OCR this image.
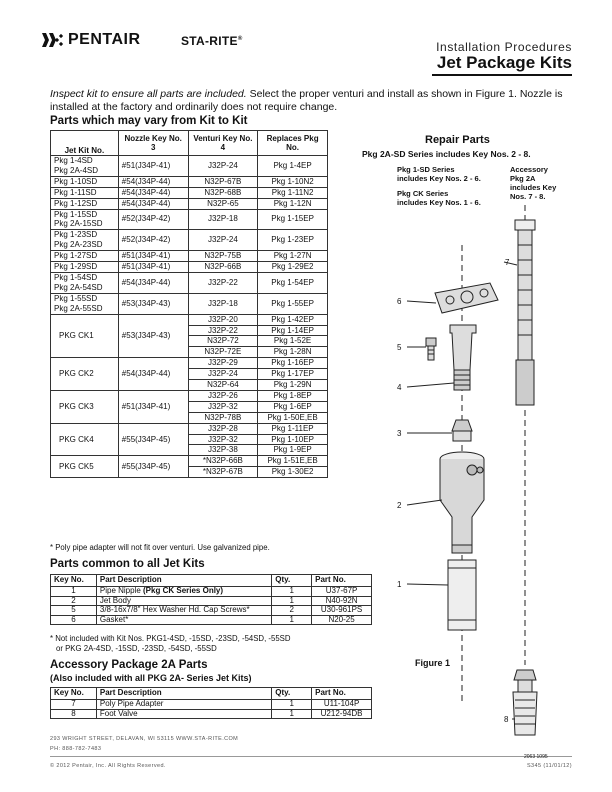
PENTAIR	STA-RITE®
Installation Procedures
Jet Package Kits
Inspect kit to ensure all parts are included. Select the proper venturi and install as shown in Figure 1. Nozzle is installed at the factory and ordinarily does not require change.
Parts which may vary from Kit to Kit
Jet Kit No.	Nozzle Key No. 3	Venturi Key No. 4	Replaces Pkg No.

Pkg 1-4SD
Pkg 2A-4SD	#51(J34P-41)	J32P-24	Pkg 1-4EP

Pkg 1-10SD	#54(J34P-44)	N32P-67B	Pkg 1-10N2

Pkg 1-11SD	#54(J34P-44)	N32P-68B	Pkg 1-11N2

Pkg 1-12SD	#54(J34P-44)	N32P-65	Pkg 1-12N

Pkg 1-15SD
Pkg 2A-15SD	#52(J34P-42)	J32P-18	Pkg 1-15EP

Pkg 1-23SD
Pkg 2A-23SD	#52(J34P-42)	J32P-24	Pkg 1-23EP

Pkg 1-27SD	#51(J34P-41)	N32P-75B	Pkg 1-27N

Pkg 1-29SD	#51(J34P-41)	N32P-66B	Pkg 1-29E2

Pkg 1-54SD
Pkg 2A-54SD	#54(J34P-44)	J32P-22	Pkg 1-54EP

Pkg 1-55SD
Pkg 2A-55SD	#53(J34P-43)	J32P-18	Pkg 1-55EP

PKG CK1	#53(J34P-43)	J32P-20	Pkg 1-42EP
		J32P-22	Pkg 1-14EP
		N32P-72	Pkg 1-52E
		N32P-72E	Pkg 1-28N

PKG CK2	#54(J34P-44)	J32P-29	Pkg 1-16EP
		J32P-24	Pkg 1-17EP
		N32P-64	Pkg 1-29N

PKG CK3	#51(J34P-41)	J32P-26	Pkg 1-8EP
		J32P-32	Pkg 1-6EP
		N32P-78B	Pkg 1-50E,EB

PKG CK4	#55(J34P-45)	J32P-28	Pkg 1-11EP
		J32P-32	Pkg 1-10EP
		J32P-38	Pkg 1-9EP

PKG CK5	#55(J34P-45)	*N32P-66B	Pkg 1-51E,EB
		*N32P-67B	Pkg 1-30E2
* Poly pipe adapter will not fit over venturi. Use galvanized pipe.
Parts common to all Jet Kits
Key No.	Part Description	Qty.	Part No.
1	Pipe Nipple (Pkg CK Series Only)	1	U37-67P
2	Jet Body	1	N40-92N
5	3/8-16x7/8" Hex Washer Hd. Cap Screws*	2	U30-961PS
6	Gasket*	1	N20-25
* Not included with Kit Nos. PKG1-4SD, -15SD, -23SD, -54SD, -55SD
or PKG 2A-4SD, -15SD, -23SD, -54SD, -55SD
Accessory Package 2A Parts
(Also included with all PKG 2A- Series Jet Kits)
Key No.	Part Description	Qty.	Part No.
7	Poly Pipe Adapter	1	U11-104P
8	Foot Valve	1	U212-94DB
293 WRIGHT STREET, DELAVAN, WI 53115 WWW.STA-RITE.COM
PH: 888-782-7483
© 2012 Pentair, Inc. All Rights Reserved.	S345 (11/01/12)
Repair Parts
Pkg 2A-SD Series includes Key Nos. 2 - 8.
Pkg 1-SD Series
includes Key Nos. 2 - 6.
Pkg CK Series
includes Key Nos. 1 - 6.
Accessory
Pkg 2A
includes Key
Nos. 7 - 8.
7
6
5
4
3
2
1
8
Figure 1
2063 1095
